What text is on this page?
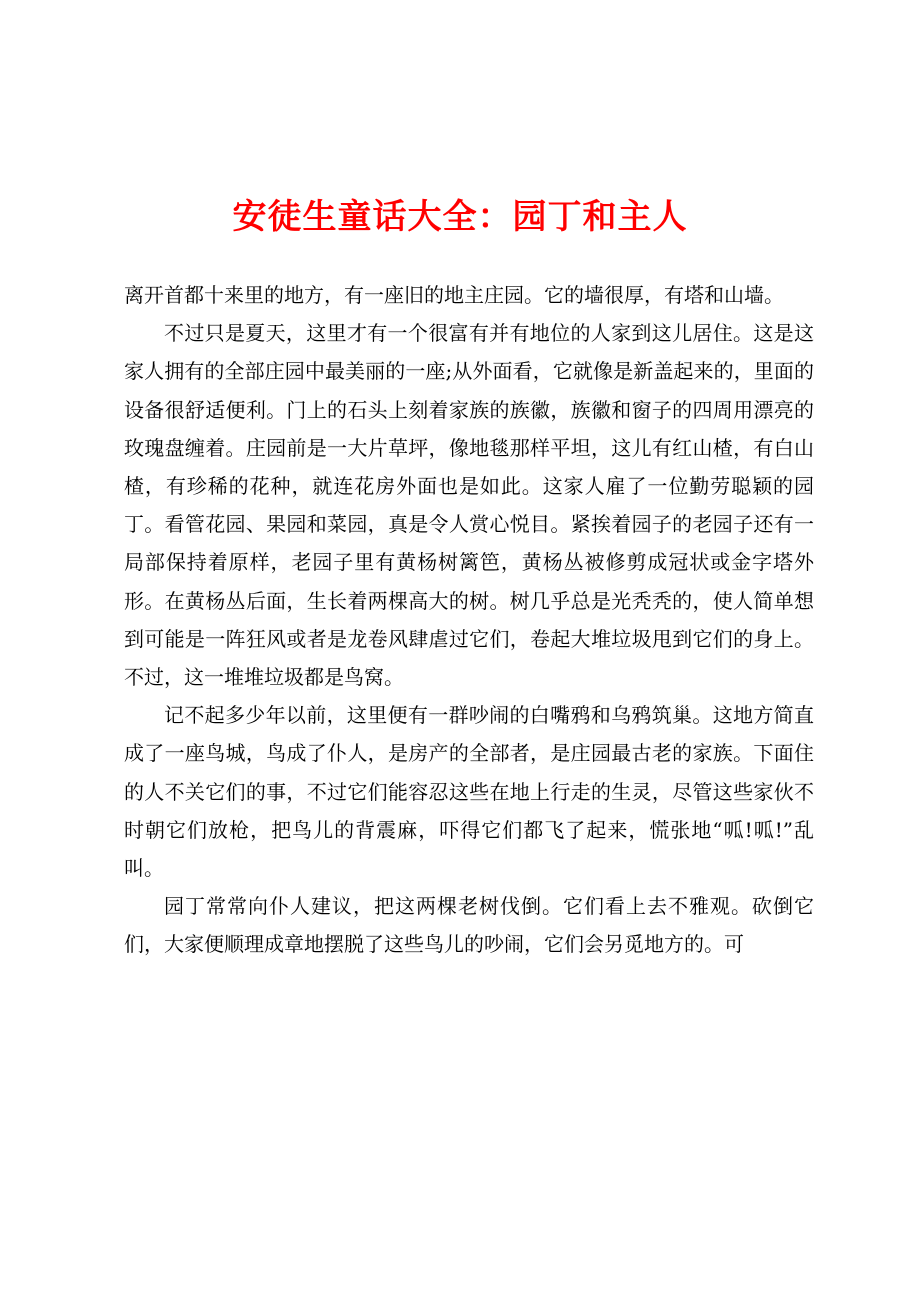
安徒生童话大全：园丁和主人

离开首都十来里的地方，有一座旧的地主庄园。它的墙很厚，有塔和山墙。

不过只是夏天，这里才有一个很富有并有地位的人家到这儿居住。这是这家人拥有的全部庄园中最美丽的一座;从外面看，它就像是新盖起来的，里面的设备很舒适便利。门上的石头上刻着家族的族徽，族徽和窗子的四周用漂亮的玫瑰盘缠着。庄园前是一大片草坪，像地毯那样平坦，这儿有红山楂，有白山楂，有珍稀的花种，就连花房外面也是如此。这家人雇了一位勤劳聪颖的园丁。看管花园、果园和菜园，真是令人赏心悦目。紧挨着园子的老园子还有一局部保持着原样，老园子里有黄杨树篱笆，黄杨丛被修剪成冠状或金字塔外形。在黄杨丛后面，生长着两棵高大的树。树几乎总是光秃秃的，使人简单想到可能是一阵狂风或者是龙卷风肆虐过它们，卷起大堆垃圾甩到它们的身上。不过，这一堆堆垃圾都是鸟窝。

记不起多少年以前，这里便有一群吵闹的白嘴鸦和乌鸦筑巢。这地方简直成了一座鸟城，鸟成了仆人，是房产的全部者，是庄园最古老的家族。下面住的人不关它们的事，不过它们能容忍这些在地上行走的生灵，尽管这些家伙不时朝它们放枪，把鸟儿的背震麻，吓得它们都飞了起来，慌张地“呱!呱!”乱叫。

园丁常常向仆人建议，把这两棵老树伐倒。它们看上去不雅观。砍倒它们，大家便顺理成章地摆脱了这些鸟儿的吵闹，它们会另觅地方的。可
